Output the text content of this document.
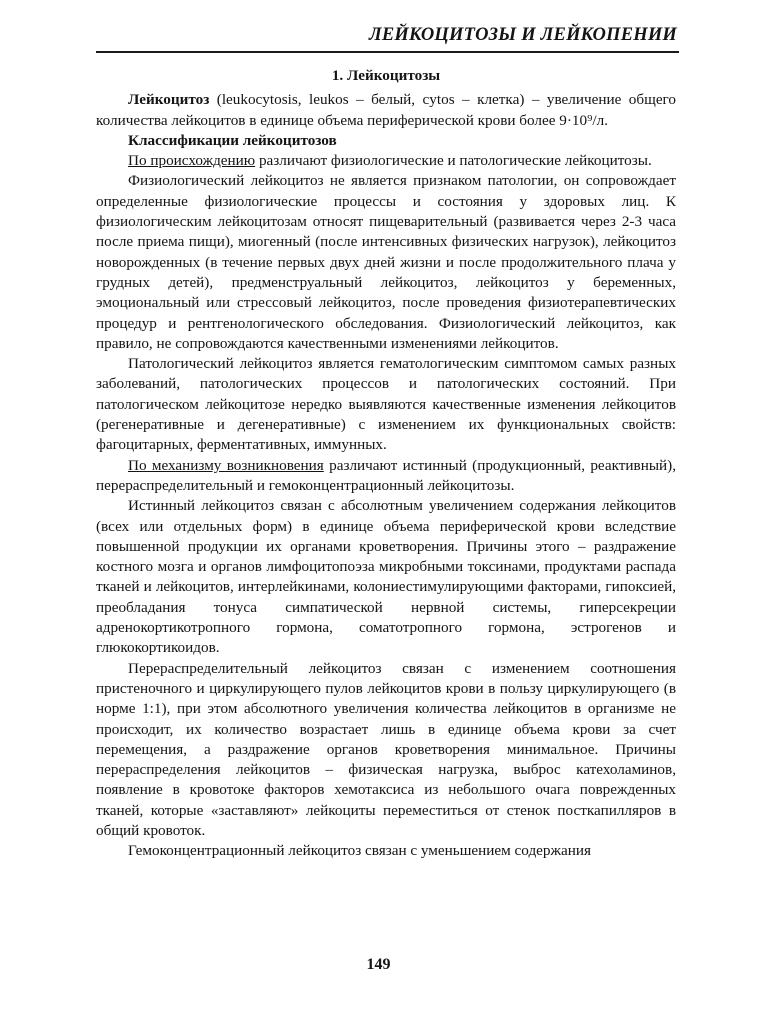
ЛЕЙКОЦИТОЗЫ И ЛЕЙКОПЕНИИ

1. Лейкоцитозы

Лейкоцитоз (leukocytosis, leukos – белый, cytos – клетка) – увеличение общего количества лейкоцитов в единице объема периферической крови более 9·10⁹/л.

Классификации лейкоцитозов

По происхождению различают физиологические и патологические лейкоцитозы.

Физиологический лейкоцитоз не является признаком патологии, он сопровождает определенные физиологические процессы и состояния у здоровых лиц. К физиологическим лейкоцитозам относят пищеварительный (развивается через 2-3 часа после приема пищи), миогенный (после интенсивных физических нагрузок), лейкоцитоз новорожденных (в течение первых двух дней жизни и после продолжительного плача у грудных детей), предменструальный лейкоцитоз, лейкоцитоз у беременных, эмоциональный или стрессовый лейкоцитоз, после проведения физиотерапевтических процедур и рентгенологического обследования. Физиологический лейкоцитоз, как правило, не сопровождаются качественными изменениями лейкоцитов.

Патологический лейкоцитоз является гематологическим симптомом самых разных заболеваний, патологических процессов и патологических состояний. При патологическом лейкоцитозе нередко выявляются качественные изменения лейкоцитов (регенеративные и дегенеративные) с изменением их функциональных свойств: фагоцитарных, ферментативных, иммунных.

По механизму возникновения различают истинный (продукционный, реактивный), перераспределительный и гемоконцентрационный лейкоцитозы.

Истинный лейкоцитоз связан с абсолютным увеличением содержания лейкоцитов (всех или отдельных форм) в единице объема периферической крови вследствие повышенной продукции их органами кроветворения. Причины этого – раздражение костного мозга и органов лимфоцитопоэза микробными токсинами, продуктами распада тканей и лейкоцитов, интерлейкинами, колониестимулирующими факторами, гипоксией, преобладания тонуса симпатической нервной системы, гиперсекреции адренокортикотропного гормона, соматотропного гормона, эстрогенов и глюкокортикоидов.

Перераспределительный лейкоцитоз связан с изменением соотношения пристеночного и циркулирующего пулов лейкоцитов крови в пользу циркулирующего (в норме 1:1), при этом абсолютного увеличения количества лейкоцитов в организме не происходит, их количество возрастает лишь в единице объема крови за счет перемещения, а раздражение органов кроветворения минимальное. Причины перераспределения лейкоцитов – физическая нагрузка, выброс катехоламинов, появление в кровотоке факторов хемотаксиса из небольшого очага поврежденных тканей, которые «заставляют» лейкоциты переместиться от стенок посткапилляров в общий кровоток.

Гемоконцентрационный лейкоцитоз связан с уменьшением содержания

149
